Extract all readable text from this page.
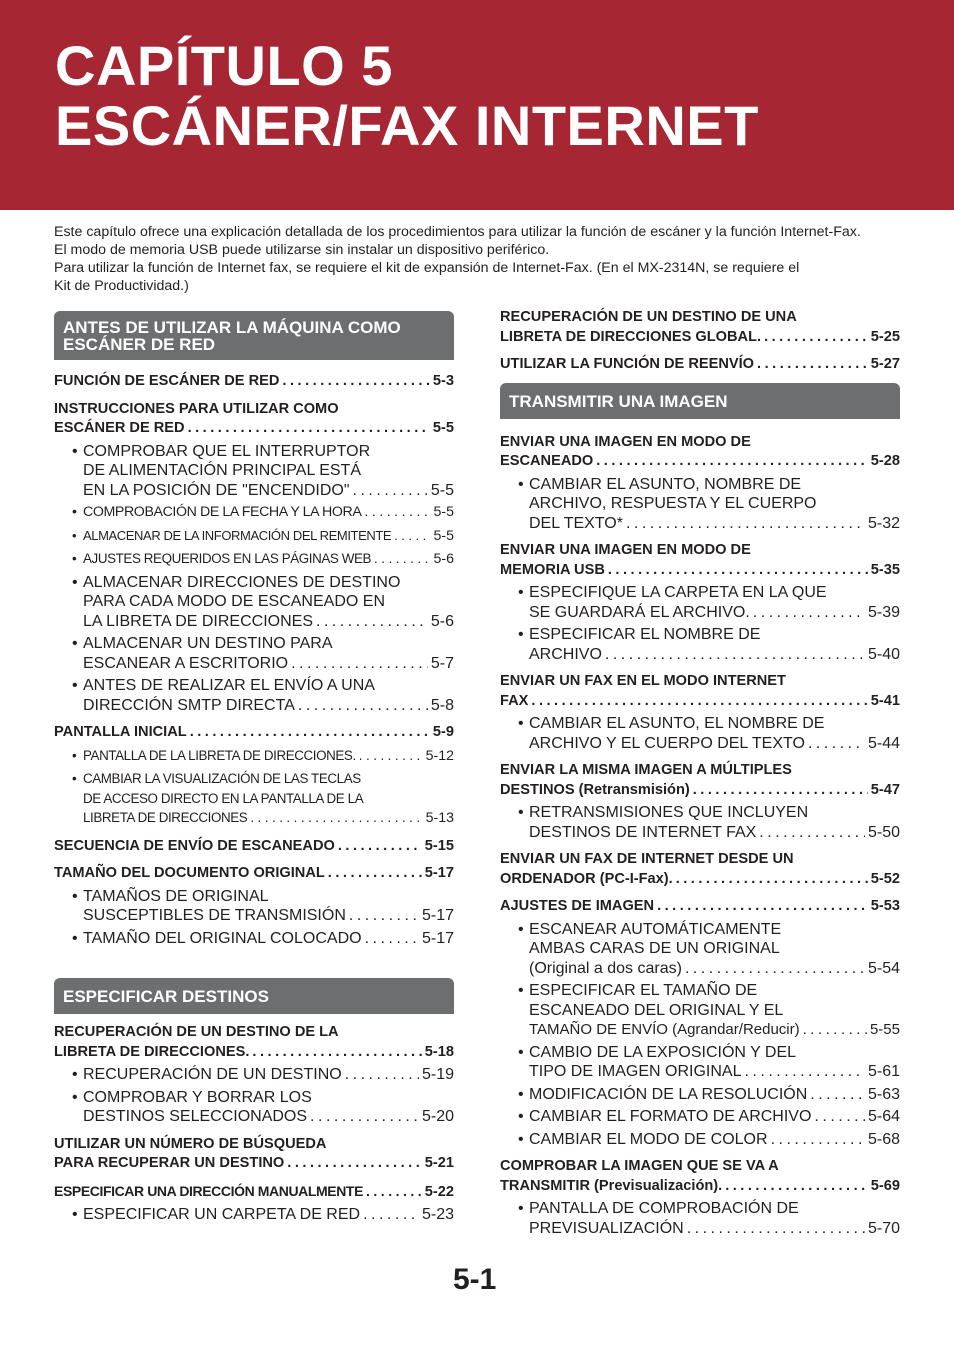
CAPÍTULO 5
ESCÁNER/FAX INTERNET
Este capítulo ofrece una explicación detallada de los procedimientos para utilizar la función de escáner y la función Internet-Fax.
El modo de memoria USB puede utilizarse sin instalar un dispositivo periférico.
Para utilizar la función de Internet fax, se requiere el kit de expansión de Internet-Fax. (En el MX-2314N, se requiere el
Kit de Productividad.)
ANTES DE UTILIZAR LA MÁQUINA COMO
ESCÁNER DE RED
FUNCIÓN DE ESCÁNER DE RED .....	5-3
INSTRUCCIONES PARA UTILIZAR COMO
ESCÁNER DE RED .....	5-5
• COMPROBAR QUE EL INTERRUPTOR
DE ALIMENTACIÓN PRINCIPAL ESTÁ
EN LA POSICIÓN DE "ENCENDIDO" .....	5-5
• COMPROBACIÓN DE LA FECHA Y LA HORA .....	5-5
• ALMACENAR DE LA INFORMACIÓN DEL REMITENTE .....	5-5
• AJUSTES REQUERIDOS EN LAS PÁGINAS WEB .....	5-6
• ALMACENAR DIRECCIONES DE DESTINO
PARA CADA MODO DE ESCANEADO EN
LA LIBRETA DE DIRECCIONES .....	5-6
• ALMACENAR UN DESTINO PARA
ESCANEAR A ESCRITORIO .....	5-7
• ANTES DE REALIZAR EL ENVÍO A UNA
DIRECCIÓN SMTP DIRECTA .....	5-8
PANTALLA INICIAL .....	5-9
• PANTALLA DE LA LIBRETA DE DIRECCIONES. .....	5-12
• CAMBIAR LA VISUALIZACIÓN DE LAS TECLAS
DE ACCESO DIRECTO EN LA PANTALLA DE LA
LIBRETA DE DIRECCIONES .....	5-13
SECUENCIA DE ENVÍO DE ESCANEADO .....	5-15
TAMAÑO DEL DOCUMENTO ORIGINAL .....	5-17
• TAMAÑOS DE ORIGINAL
SUSCEPTIBLES DE TRANSMISIÓN .....	5-17
• TAMAÑO DEL ORIGINAL COLOCADO .....	5-17
ESPECIFICAR DESTINOS
RECUPERACIÓN DE UN DESTINO DE LA
LIBRETA DE DIRECCIONES. .....	5-18
• RECUPERACIÓN DE UN DESTINO .....	5-19
• COMPROBAR Y BORRAR LOS
DESTINOS SELECCIONADOS .....	5-20
UTILIZAR UN NÚMERO DE BÚSQUEDA
PARA RECUPERAR UN DESTINO .....	5-21
ESPECIFICAR UNA DIRECCIÓN MANUALMENTE .....	5-22
• ESPECIFICAR UN CARPETA DE RED .....	5-23
RECUPERACIÓN DE UN DESTINO DE UNA
LIBRETA DE DIRECCIONES GLOBAL. .....	5-25
UTILIZAR LA FUNCIÓN DE REENVÍO .....	5-27
TRANSMITIR UNA IMAGEN
ENVIAR UNA IMAGEN EN MODO DE
ESCANEADO .....	5-28
• CAMBIAR EL ASUNTO, NOMBRE DE
ARCHIVO, RESPUESTA Y EL CUERPO
DEL TEXTO* .....	5-32
ENVIAR UNA IMAGEN EN MODO DE
MEMORIA USB .....	5-35
• ESPECIFIQUE LA CARPETA EN LA QUE
SE GUARDARÁ EL ARCHIVO. .....	5-39
• ESPECIFICAR EL NOMBRE DE
ARCHIVO .....	5-40
ENVIAR UN FAX EN EL MODO INTERNET
FAX .....	5-41
• CAMBIAR EL ASUNTO, EL NOMBRE DE
ARCHIVO Y EL CUERPO DEL TEXTO .....	5-44
ENVIAR LA MISMA IMAGEN A MÚLTIPLES
DESTINOS (Retransmisión) .....	5-47
• RETRANSMISIONES QUE INCLUYEN
DESTINOS DE INTERNET FAX .....	5-50
ENVIAR UN FAX DE INTERNET DESDE UN
ORDENADOR (PC-I-Fax). .....	5-52
AJUSTES DE IMAGEN .....	5-53
• ESCANEAR AUTOMÁTICAMENTE
AMBAS CARAS DE UN ORIGINAL
(Original a dos caras) .....	5-54
• ESPECIFICAR EL TAMAÑO DE
ESCANEADO DEL ORIGINAL Y EL
TAMAÑO DE ENVÍO (Agrandar/Reducir) .....	5-55
• CAMBIO DE LA EXPOSICIÓN Y DEL
TIPO DE IMAGEN ORIGINAL .....	5-61
• MODIFICACIÓN DE LA RESOLUCIÓN .....	5-63
• CAMBIAR EL FORMATO DE ARCHIVO .....	5-64
• CAMBIAR EL MODO DE COLOR .....	5-68
COMPROBAR LA IMAGEN QUE SE VA A
TRANSMITIR (Previsualización). .....	5-69
• PANTALLA DE COMPROBACIÓN DE
PREVISUALIZACIÓN .....	5-70
5-1
